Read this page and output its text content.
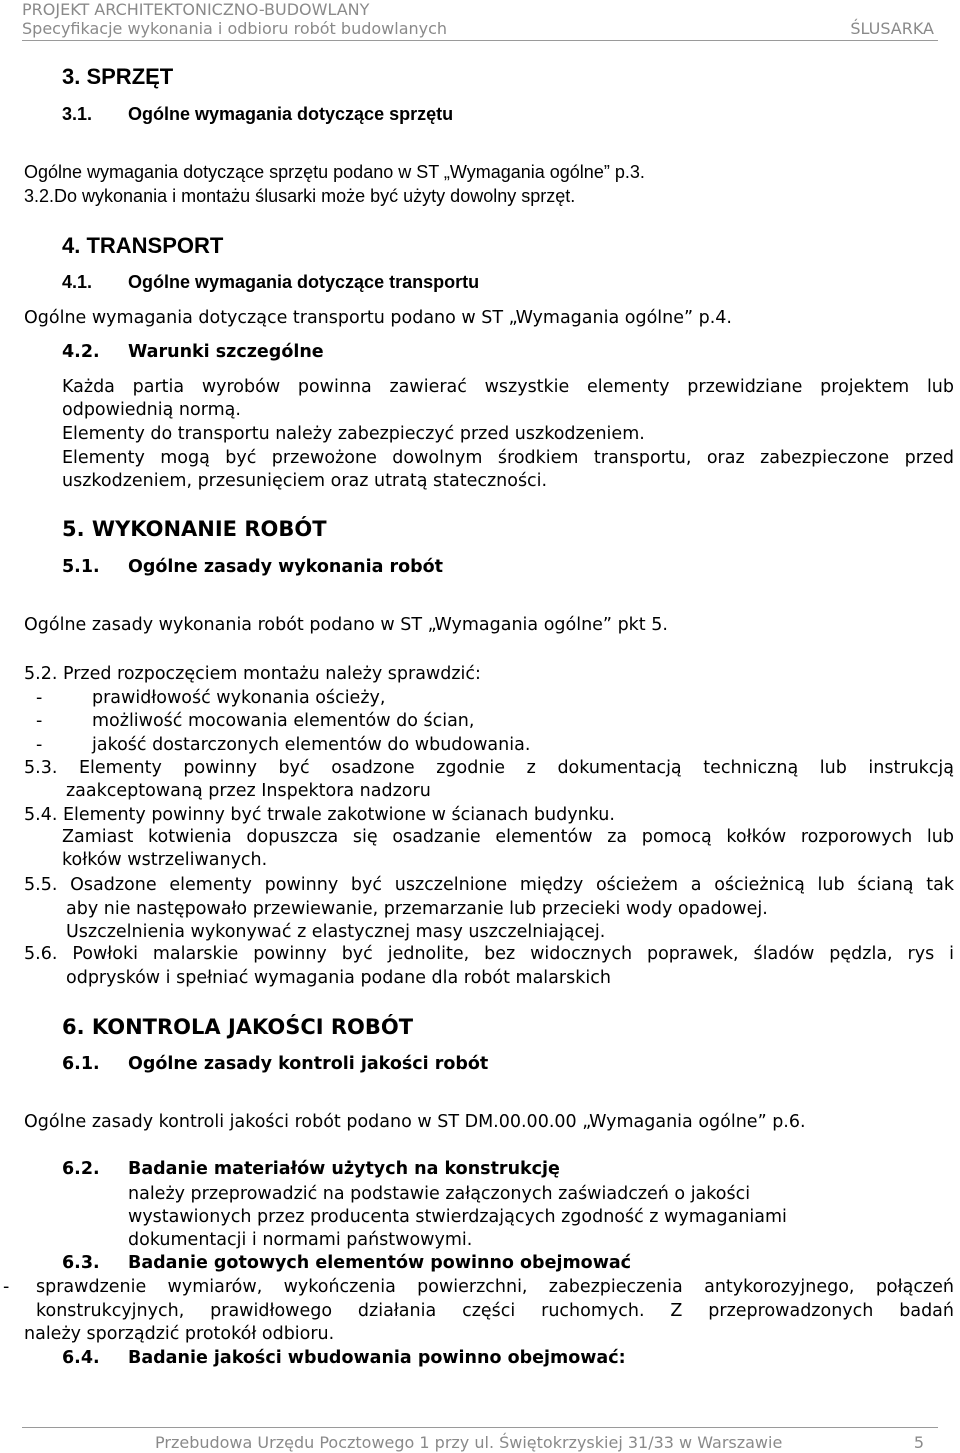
PROJEKT ARCHITEKTONICZNO-BUDOWLANY
Specyfikacje wykonania i odbioru robót budowlanych	ŚLUSARKA
3. SPRZĘT
3.1. Ogólne wymagania dotyczące sprzętu
Ogólne wymagania dotyczące sprzętu podano w ST „Wymagania ogólne” p.3.
3.2.Do wykonania i montażu ślusarki może być użyty dowolny sprzęt.
4. TRANSPORT
4.1. Ogólne wymagania dotyczące transportu
Ogólne wymagania dotyczące transportu podano w ST „Wymagania ogólne” p.4.
4.2. Warunki szczególne
Każda partia wyrobów powinna zawierać wszystkie elementy przewidziane projektem lub
odpowiednią normą.
Elementy do transportu należy zabezpieczyć przed uszkodzeniem.
Elementy mogą być przewożone dowolnym środkiem transportu, oraz zabezpieczone przed
uszkodzeniem, przesunięciem oraz utratą stateczności.
5. WYKONANIE ROBÓT
5.1. Ogólne zasady wykonania robót
Ogólne zasady wykonania robót podano w ST „Wymagania ogólne” pkt 5.
5.2. Przed rozpoczęciem montażu należy sprawdzić:
-	prawidłowość wykonania ościeży,
-	możliwość mocowania elementów do ścian,
-	jakość dostarczonych elementów do wbudowania.
5.3. Elementy powinny być osadzone zgodnie z dokumentacją techniczną lub instrukcją
zaakceptowaną przez Inspektora nadzoru
5.4. Elementy powinny być trwale zakotwione w ścianach budynku.
Zamiast kotwienia dopuszcza się osadzanie elementów za pomocą kołków rozporowych lub
kołków wstrzeliwanych.
5.5. Osadzone elementy powinny być uszczelnione między ościeżem a ościeżnicą lub ścianą tak
aby nie następowało przewiewanie, przemarzanie lub przecieki wody opadowej.
Uszczelnienia wykonywać z elastycznej masy uszczelniającej.
5.6. Powłoki malarskie powinny być jednolite, bez widocznych poprawek, śladów pędzla, rys i
odprysków i spełniać wymagania podane dla robót malarskich
6. KONTROLA JAKOŚCI ROBÓT
6.1. Ogólne zasady kontroli jakości robót
Ogólne zasady kontroli jakości robót podano w ST DM.00.00.00 „Wymagania ogólne” p.6.
6.2. Badanie materiałów użytych na konstrukcję
należy przeprowadzić na podstawie załączonych zaświadczeń o jakości
wystawionych przez producenta stwierdzających zgodność z wymaganiami
dokumentacji i normami państwowymi.
6.3. Badanie gotowych elementów powinno obejmować
- sprawdzenie wymiarów, wykończenia powierzchni, zabezpieczenia antykorozyjnego, połączeń
konstrukcyjnych, prawidłowego działania części ruchomych. Z przeprowadzonych badań
należy sporządzić protokół odbioru.
6.4. Badanie jakości wbudowania powinno obejmować:
Przebudowa Urzędu Pocztowego 1 przy ul. Świętokrzyskiej 31/33 w Warszawie	5
